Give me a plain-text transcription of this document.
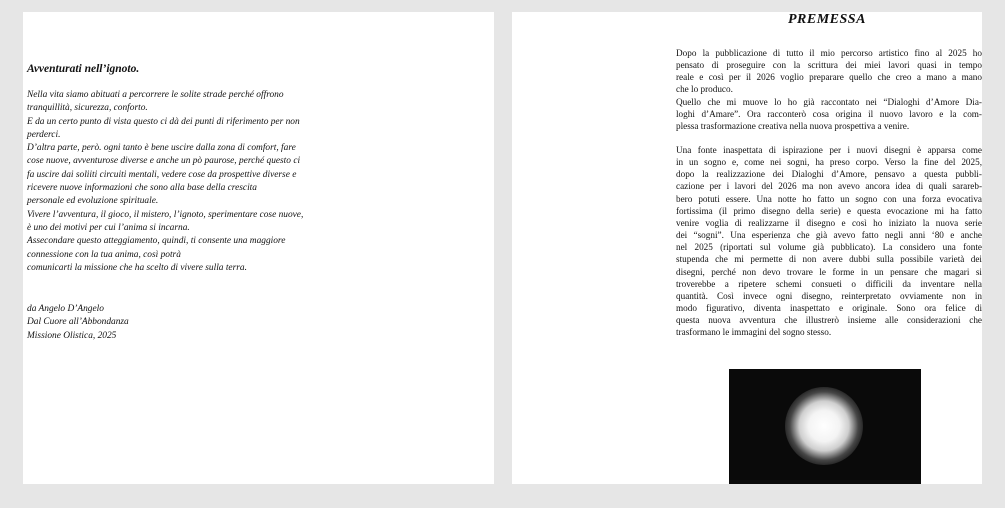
Avventurati nell’ignoto.
Nella vita siamo abituati a percorrere le solite strade perché offrono
tranquillità, sicurezza, conforto.
E da un certo punto di vista questo ci dà dei punti di riferimento per non
perderci.
D’altra parte, però. ogni tanto è bene uscire dalla zona di comfort, fare
cose nuove, avventurose diverse e anche un pò paurose, perché questo ci
fa uscire dai soliiti circuiti mentali, vedere cose da prospettive diverse e
ricevere nuove informazioni che sono alla base della crescita
personale ed evoluzione spirituale.
Vivere l’avventura, il gioco, il mistero, l’ignoto, sperimentare cose nuove,
è uno dei motivi per cui l’anima si incarna.
Assecondare questo atteggiamento, quindi, ti consente una maggiore
connessione con la tua anima, così potrà
comunicarti la missione che ha scelto di vivere sulla terra.
da Angelo D’Angelo
Dal Cuore all’Abbondanza
Missione Olistica, 2025
PREMESSA
Dopo la pubblicazione di tutto il mio percorso artistico fino al 2025 ho
pensato di proseguire con la scrittura dei miei lavori quasi in tempo
reale e così per il 2026 voglio preparare quello che creo a mano a mano
che lo produco.
Quello che mi muove lo ho già raccontato nei “Dialoghi d’Amore Dia-
loghi d’Amare”. Ora racconterò cosa origina il nuovo lavoro e la com-
plessa trasformazione creativa nella nuova prospettiva a venire.
Una fonte inaspettata di ispirazione per i nuovi disegni è apparsa come
in un sogno e, come nei sogni, ha preso corpo. Verso la fine del 2025,
dopo la realizzazione dei Dialoghi d’Amore, pensavo a questa pubbli-
cazione per i lavori del 2026 ma non avevo ancora idea di quali sarareb-
bero potuti essere. Una notte ho fatto un sogno con una forza evocativa
fortissima (il primo disegno della serie) e questa evocazione mi ha fatto
venire voglia di realizzarne il disegno e così ho iniziato la nuova serie
dei “sogni”. Una esperienza che già avevo fatto negli anni ‘80 e anche
nel 2025 (riportati sul volume già pubblicato). La considero una fonte
stupenda che mi permette di non avere dubbi sulla possibile varietà dei
disegni, perché non devo trovare le forme in un pensare che magari si
troverebbe a ripetere schemi consueti o difficili da inventare nella
quantità. Così invece ogni disegno, reinterpretato ovviamente non in
modo figurativo, diventa inaspettato e originale. Sono ora felice di
questa nuova avventura che illustrerò insieme alle considerazioni che
trasformano le immagini del sogno stesso.
